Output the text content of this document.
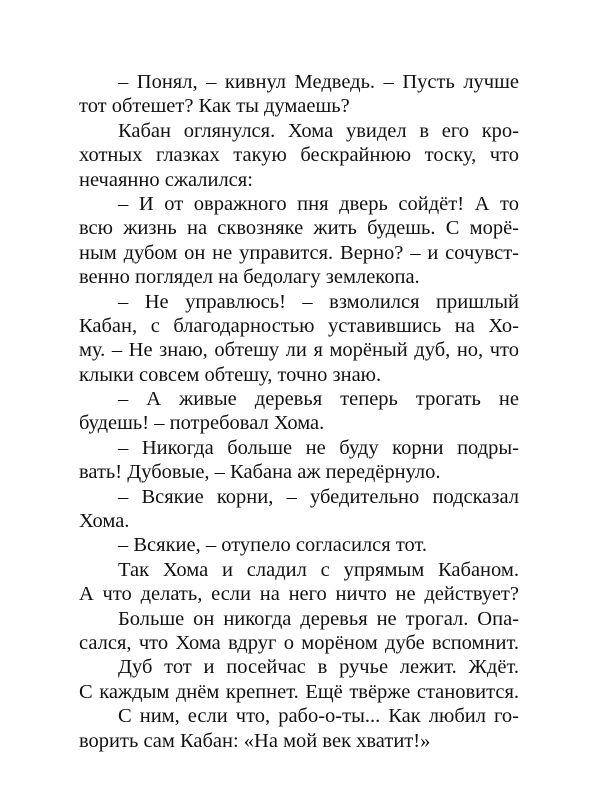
– Понял, – кивнул Медведь. – Пусть лучше
тот обтешет? Как ты думаешь?
Кабан оглянулся. Хома увидел в его кро-
хотных глазках такую бескрайнюю тоску, что
нечаянно сжалился:
– И от овражного пня дверь сойдёт! А то
всю жизнь на сквозняке жить будешь. С морё-
ным дубом он не управится. Верно? – и сочувст-
венно поглядел на бедолагу землекопа.
– Не управлюсь! – взмолился пришлый
Кабан, с благодарностью уставившись на Хо-
му. – Не знаю, обтешу ли я морёный дуб, но, что
клыки совсем обтешу, точно знаю.
– А живые деревья теперь трогать не
будешь! – потребовал Хома.
– Никогда больше не буду корни подры-
вать! Дубовые, – Кабана аж передёрнуло.
– Всякие корни, – убедительно подсказал
Хома.
– Всякие, – отупело согласился тот.
Так Хома и сладил с упрямым Кабаном.
А что делать, если на него ничто не действует?
Больше он никогда деревья не трогал. Опа-
сался, что Хома вдруг о морёном дубе вспомнит.
Дуб тот и посейчас в ручье лежит. Ждёт.
С каждым днём крепнет. Ещё твёрже становится.
С ним, если что, рабо-о-ты... Как любил го-
ворить сам Кабан: «На мой век хватит!»
